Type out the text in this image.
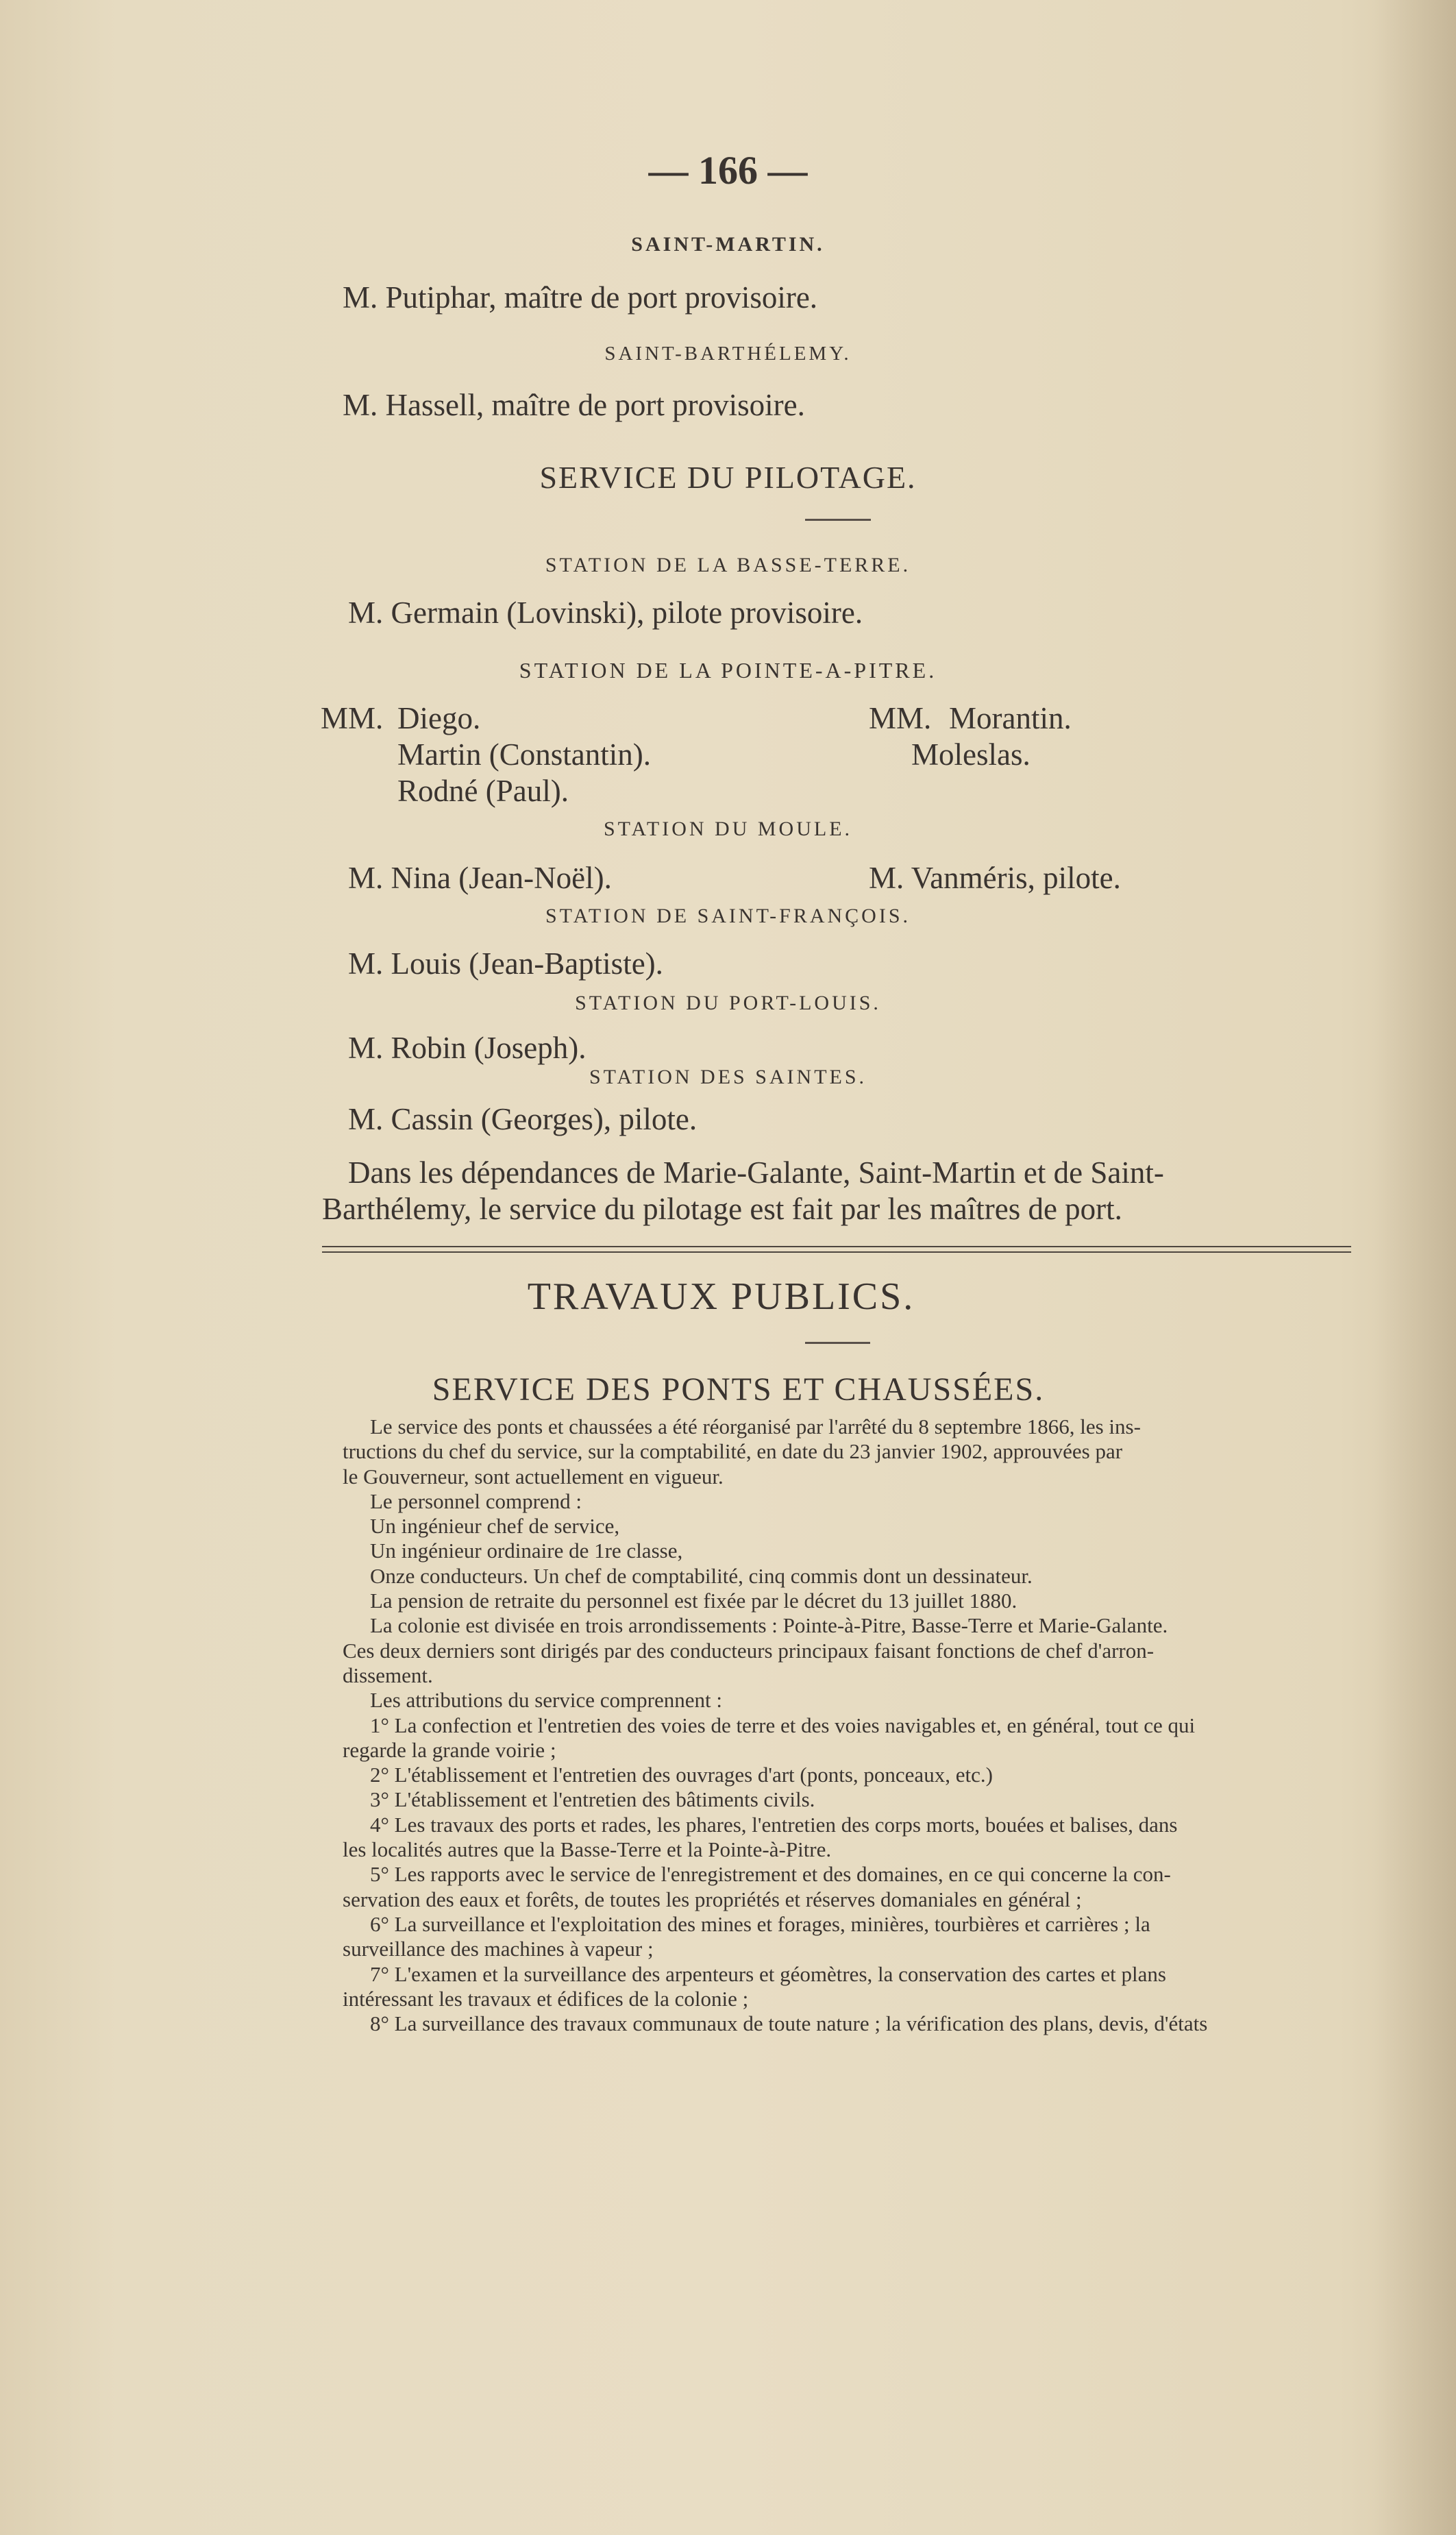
— 166 —
SAINT-MARTIN.
M. Putiphar, maître de port provisoire.
SAINT-BARTHÉLEMY.
M. Hassell, maître de port provisoire.
SERVICE DU PILOTAGE.
STATION DE LA BASSE-TERRE.
M. Germain (Lovinski), pilote provisoire.
STATION DE LA POINTE-A-PITRE.
MM. Diego.
Martin (Constantin).
Rodné (Paul).
MM. Morantin.
Moleslas.
STATION DU MOULE.
M. Nina (Jean-Noël).	M. Vanméris, pilote.
STATION DE SAINT-FRANÇOIS.
M. Louis (Jean-Baptiste).
STATION DU PORT-LOUIS.
M. Robin (Joseph).
STATION DES SAINTES.
M. Cassin (Georges), pilote.
Dans les dépendances de Marie-Galante, Saint-Martin et de Saint-
Barthélemy, le service du pilotage est fait par les maîtres de port.
TRAVAUX PUBLICS.
SERVICE DES PONTS ET CHAUSSÉES.

Le service des ponts et chaussées a été réorganisé par l'arrêté du 8 septembre 1866, les ins-

tructions du chef du service, sur la comptabilité, en date du 23 janvier 1902, approuvées par

le Gouverneur, sont actuellement en vigueur.

Le personnel comprend :

Un ingénieur chef de service,

Un ingénieur ordinaire de 1re classe,

Onze conducteurs. Un chef de comptabilité, cinq commis dont un dessinateur.

La pension de retraite du personnel est fixée par le décret du 13 juillet 1880.

La colonie est divisée en trois arrondissements : Pointe-à-Pitre, Basse-Terre et Marie-Galante.

Ces deux derniers sont dirigés par des conducteurs principaux faisant fonctions de chef d'arron-

dissement.

Les attributions du service comprennent :

1° La confection et l'entretien des voies de terre et des voies navigables et, en général, tout ce qui

regarde la grande voirie ;

2° L'établissement et l'entretien des ouvrages d'art (ponts, ponceaux, etc.)

3° L'établissement et l'entretien des bâtiments civils.

4° Les travaux des ports et rades, les phares, l'entretien des corps morts, bouées et balises, dans

les localités autres que la Basse-Terre et la Pointe-à-Pitre.

5° Les rapports avec le service de l'enregistrement et des domaines, en ce qui concerne la con-

servation des eaux et forêts, de toutes les propriétés et réserves domaniales en général ;

6° La surveillance et l'exploitation des mines et forages, minières, tourbières et carrières ; la

surveillance des machines à vapeur ;

7° L'examen et la surveillance des arpenteurs et géomètres, la conservation des cartes et plans

intéressant les travaux et édifices de la colonie ;

8° La surveillance des travaux communaux de toute nature ; la vérification des plans, devis, d'états
